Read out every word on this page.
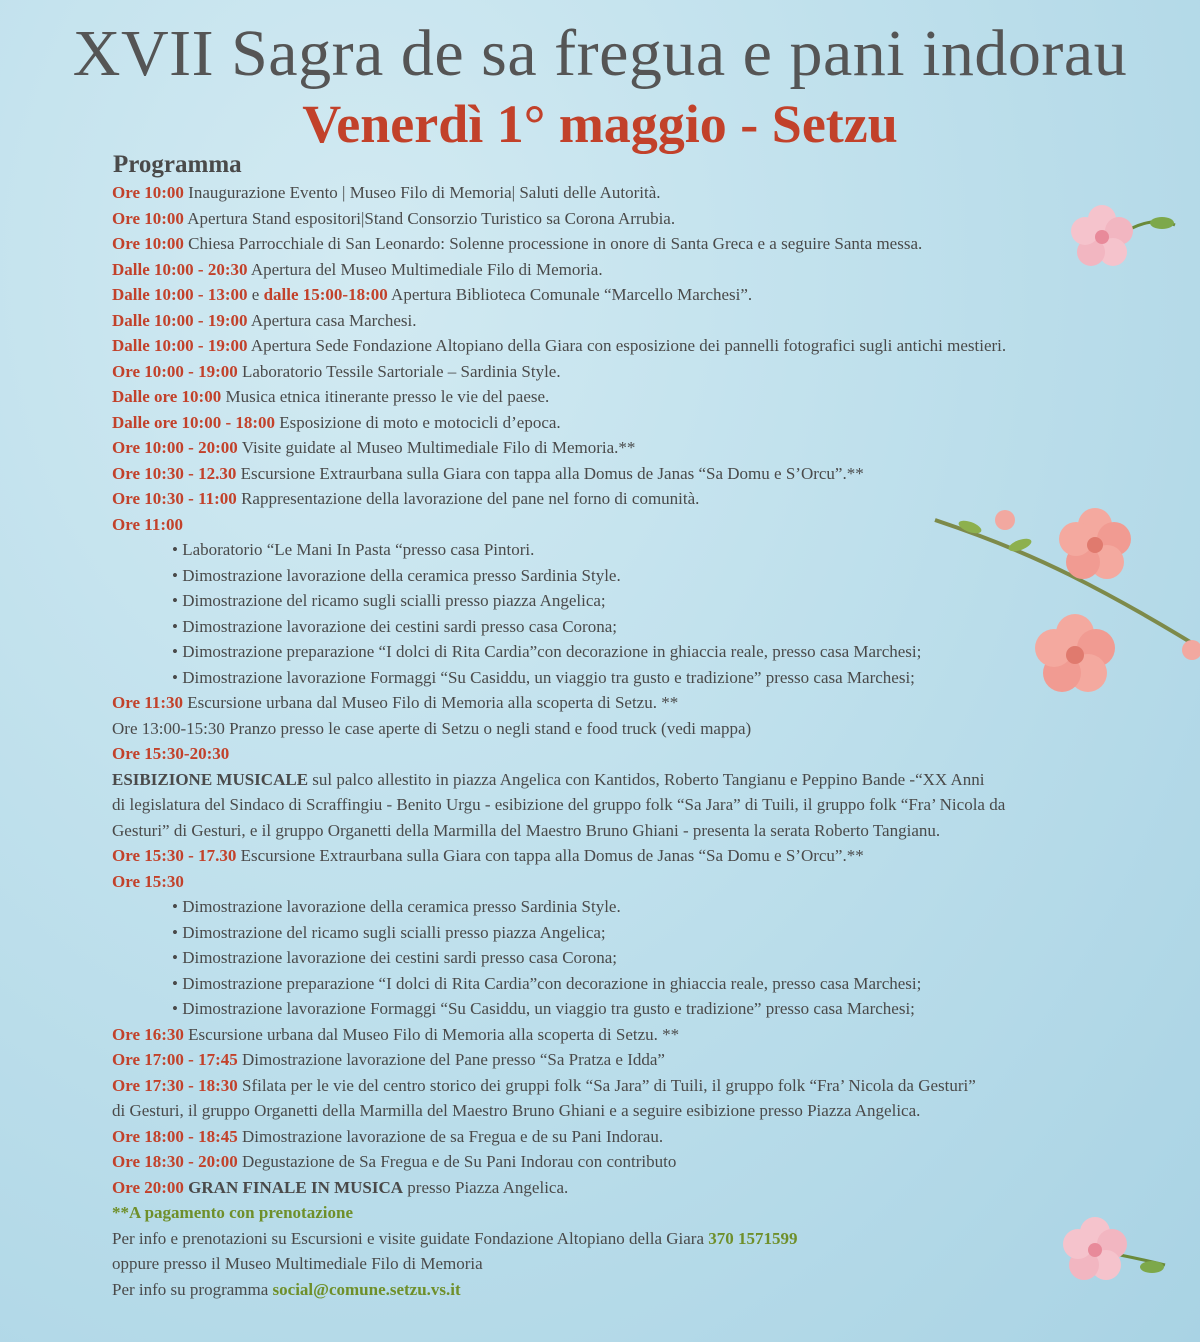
XVII Sagra de sa fregua e pani indorau
Venerdì 1° maggio - Setzu
Programma
Ore 10:00 Inaugurazione Evento | Museo Filo di Memoria| Saluti delle Autorità.
Ore 10:00 Apertura Stand espositori|Stand Consorzio Turistico sa Corona Arrubia.
Ore 10:00 Chiesa Parrocchiale di San Leonardo: Solenne processione in onore di Santa Greca e a seguire Santa messa.
Dalle 10:00 - 20:30 Apertura del Museo Multimediale Filo di Memoria.
Dalle 10:00 - 13:00 e dalle 15:00-18:00 Apertura Biblioteca Comunale “Marcello Marchesi”.
Dalle 10:00 - 19:00 Apertura casa Marchesi.
Dalle 10:00 - 19:00 Apertura Sede Fondazione Altopiano della Giara con esposizione dei pannelli fotografici sugli antichi mestieri.
Ore 10:00 - 19:00 Laboratorio Tessile Sartoriale – Sardinia Style.
Dalle ore 10:00 Musica etnica itinerante presso le vie del paese.
Dalle ore 10:00 - 18:00 Esposizione di moto e motocicli d’epoca.
Ore 10:00 - 20:00 Visite guidate al Museo Multimediale Filo di Memoria.**
Ore 10:30 - 12.30 Escursione Extraurbana sulla Giara con tappa alla Domus de Janas “Sa Domu e S’Orcu”.**
Ore 10:30 - 11:00 Rappresentazione della lavorazione del pane nel forno di comunità.
Ore 11:00
• Laboratorio “Le Mani In Pasta “presso casa Pintori.
• Dimostrazione lavorazione della ceramica presso Sardinia Style.
• Dimostrazione del ricamo sugli scialli presso piazza Angelica;
• Dimostrazione lavorazione dei cestini sardi presso casa Corona;
• Dimostrazione preparazione “I dolci di Rita Cardia”con decorazione in ghiaccia reale, presso casa Marchesi;
• Dimostrazione lavorazione Formaggi “Su Casiddu, un viaggio tra gusto e tradizione” presso casa Marchesi;
Ore 11:30 Escursione urbana dal Museo Filo di Memoria alla scoperta di Setzu. **
Ore 13:00-15:30 Pranzo presso le case aperte di Setzu o negli stand e food truck (vedi mappa)
Ore 15:30-20:30
ESIBIZIONE MUSICALE sul palco allestito in piazza Angelica con Kantidos, Roberto Tangianu e Peppino Bande -“XX Anni
di legislatura del Sindaco di Scraffingiu - Benito Urgu - esibizione del gruppo folk “Sa Jara” di Tuili, il gruppo folk “Fra’ Nicola da
Gesturi” di Gesturi, e il gruppo Organetti della Marmilla del Maestro Bruno Ghiani - presenta la serata Roberto Tangianu.
Ore 15:30 - 17.30 Escursione Extraurbana sulla Giara con tappa alla Domus de Janas “Sa Domu e S’Orcu”.**
Ore 15:30
• Dimostrazione lavorazione della ceramica presso Sardinia Style.
• Dimostrazione del ricamo sugli scialli presso piazza Angelica;
• Dimostrazione lavorazione dei cestini sardi presso casa Corona;
• Dimostrazione preparazione “I dolci di Rita Cardia”con decorazione in ghiaccia reale, presso casa Marchesi;
• Dimostrazione lavorazione Formaggi “Su Casiddu, un viaggio tra gusto e tradizione” presso casa Marchesi;
Ore 16:30 Escursione urbana dal Museo Filo di Memoria alla scoperta di Setzu. **
Ore 17:00 - 17:45 Dimostrazione lavorazione del Pane presso “Sa Pratza e Idda”
Ore 17:30 - 18:30 Sfilata per le vie del centro storico dei gruppi folk “Sa Jara” di Tuili, il gruppo folk “Fra’ Nicola da Gesturi”
di Gesturi, il gruppo Organetti della Marmilla del Maestro Bruno Ghiani e a seguire esibizione presso Piazza Angelica.
Ore 18:00 - 18:45 Dimostrazione lavorazione de sa Fregua e de su Pani Indorau.
Ore 18:30 - 20:00 Degustazione de Sa Fregua e de Su Pani Indorau con contributo
Ore 20:00 GRAN FINALE IN MUSICA presso Piazza Angelica.
**A pagamento con prenotazione
Per info e prenotazioni su Escursioni e visite guidate Fondazione Altopiano della Giara 370 1571599
oppure presso il Museo Multimediale Filo di Memoria
Per info su programma social@comune.setzu.vs.it
